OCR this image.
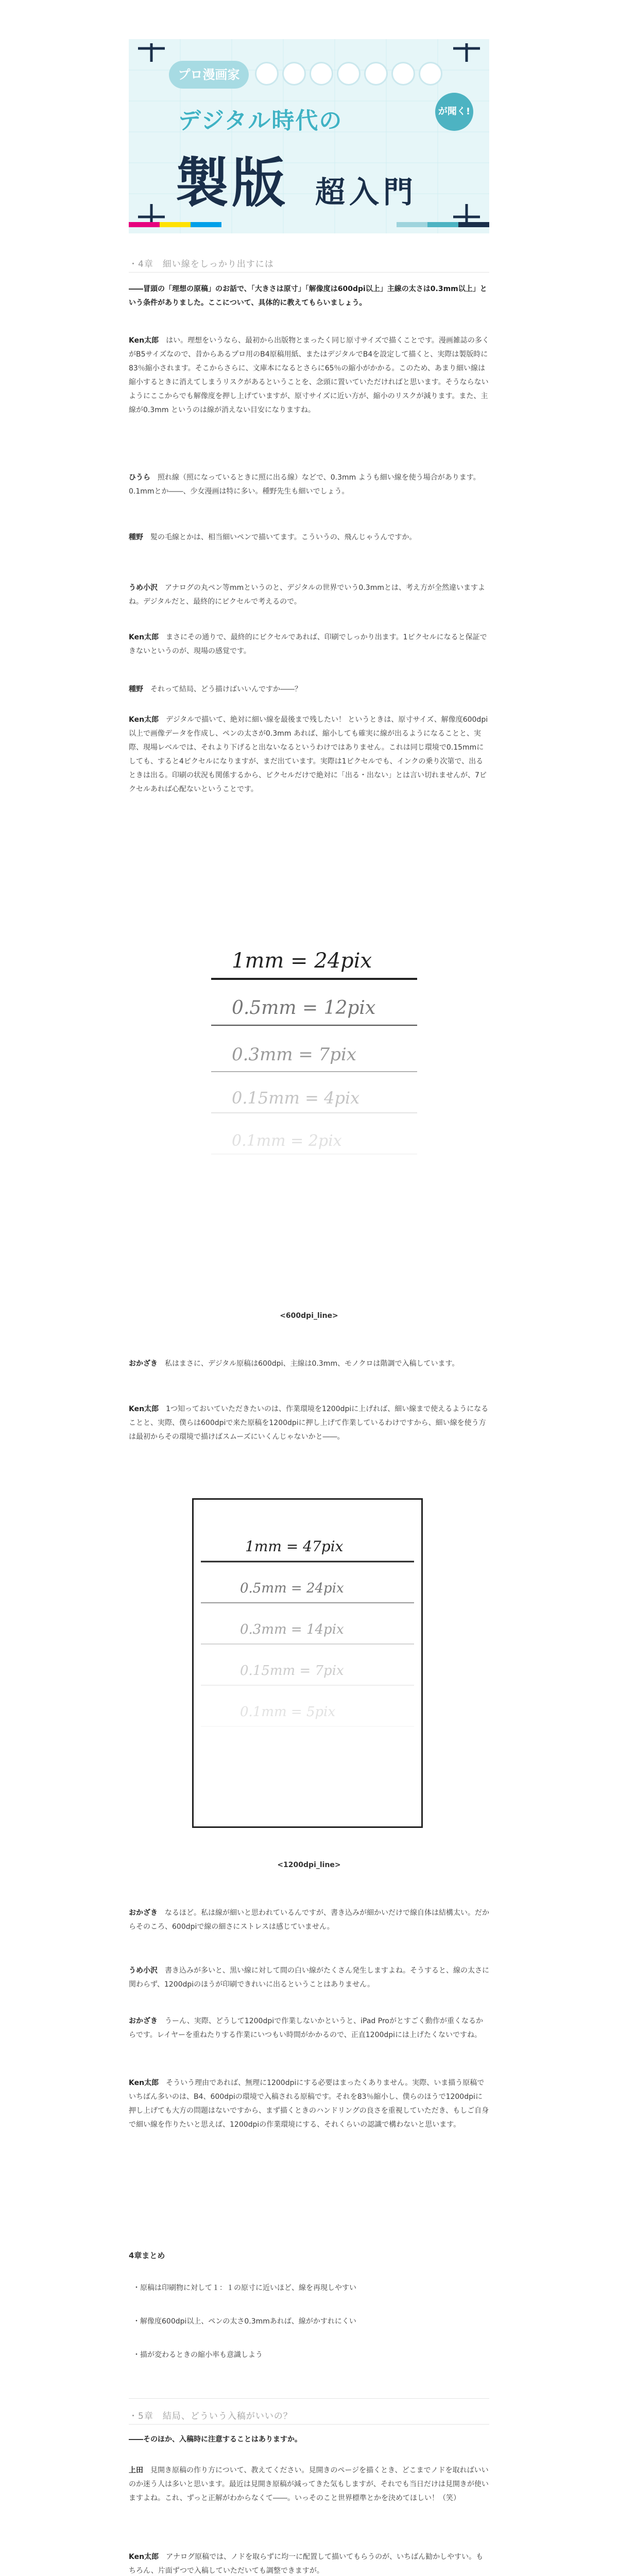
プロ漫画家
デジタル時代の	が聞く!
製版 超入門
・4章　細い線をしっかり出すには

――冒頭の「理想の原稿」のお話で、「大きさは原寸」「解像度は600dpi以上」主線の太さは0.3mm以上」という条件がありました。ここについて、具体的に教えてもらいましょう。

Ken太郎　 はい。理想をいうなら、最初から出版物とまったく同じ原寸サイズで描くことです。漫画雑誌の多くがB5サイズなので、昔からあるプロ用のB4原稿用紙、またはデジタルでB4を設定して描くと、実際は製版時に83％縮小されます。そこからさらに、文庫本になるとさらに65％の縮小がかかる。このため、あまり細い線は縮小するときに消えてしまうリスクがあるということを、念頭に置いていただければと思います。そうならないようにここからでも解像度を押し上げていますが、原寸サイズに近い方が、縮小のリスクが減ります。また、主線が0.3mm というのは線が消えない目安になりますね。

ひうら　 照れ線（照になっているときに照に出る線）などで、0.3mm ようも細い線を使う場合があります。0.1mmとか――、少女漫画は特に多い。種野先生も細いでしょう。

種野　 髪の毛線とかは、相当細いペンで描いてます。こういうの、飛んじゃうんですか。

うめ小沢　 アナログの丸ペン等mmというのと、デジタルの世界でいう0.3mmとは、考え方が全然違いますよね。デジタルだと、最終的にピクセルで考えるので。

Ken太郎　 まさにその通りで、最終的にピクセルであれば、印刷でしっかり出ます。1ピクセルになると保証できないというのが、現場の感覚です。

種野　 それって結局、どう描けばいいんですか――？

Ken太郎　 デジタルで描いて、絶対に細い線を最後まで残したい！ というときは、原寸サイズ、解像度600dpi以上で画像データを作成し、ペンの太さが0.3mm あれば、縮小しても確実に線が出るようになることと、実際、現場レベルでは、それより下げると出ないなるというわけではありません。これは同じ環境で0.15mmにしても、すると4ピクセルになりますが、まだ出ています。実際は1ピクセルでも、インクの乗り次第で、出るときは出る。印刷の状況も関係するから、ピクセルだけで絶対に「出る・出ない」とは言い切れませんが、7ピクセルあれば心配ないということです。

1mm = 24pix
0.5mm = 12pix
0.3mm = 7pix
0.15mm = 4pix
0.1mm = 2pix
<600dpi_line>

おかざき　 私はまさに、デジタル原稿は600dpi、主線は0.3mm、モノクロは階調で入稿しています。

Ken太郎　 1つ知っておいていただきたいのは、作業環境を1200dpiに上げれば、細い線まで使えるようになることと、実際、僕らは600dpiで来た原稿を1200dpiに押し上げて作業しているわけですから、細い線を使う方は最初からその環境で描けばスムーズにいくんじゃないかと――。

1mm = 47pix
0.5mm = 24pix
0.3mm = 14pix
0.15mm = 7pix
0.1mm = 5pix
<1200dpi_line>

おかざき　 なるほど。私は線が細いと思われているんですが、書き込みが細かいだけで線自体は結構太い。だからそのころ、600dpiで線の細さにストレスは感じていません。

うめ小沢　 書き込みが多いと、黒い線に対して間の白い線がたくさん発生しますよね。そうすると、線の太さに関わらず、1200dpiのほうが印刷できれいに出るということはありません。

おかざき　 うーん、実際、どうして1200dpiで作業しないかというと、iPad Proがとすごく動作が重くなるからです。レイヤーを重ねたりする作業にいつもい時間がかかるので、正直1200dpiには上げたくないですね。

Ken太郎　 そういう理由であれば、無理に1200dpiにする必要はまったくありません。実際、いま描う原稿でいちばん多いのは、B4、600dpiの環境で入稿される原稿です。それを83％縮小し、僕らのほうで1200dpiに押し上げても大方の問題はないですから、まず描くときのハンドリングの良さを重視していただき、もしご自身で細い線を作りたいと思えば、1200dpiの作業環境にする、それくらいの認識で構わないと思います。

4章まとめ
・原稿は印刷物に対して１：１の原寸に近いほど、線を再現しやすい
・解像度600dpi以上、ペンの太さ0.3mmあれば、線がかすれにくい
・描が変わるときの縮小率も意識しよう
・5章　結局、どういう入稿がいいの？

――そのほか、入稿時に注意することはありますか。

上田　 見開き原稿の作り方について、教えてください。見開きのページを描くとき、どこまでノドを取ればいいのか迷う人は多いと思います。最近は見開き原稿が減ってきた気もしますが、それでも当日だけは見開きが使いますよね。これ、ずっと正解がわからなくて――。いっそのこと世界標準とかを決めてほしい！（笑）

Ken太郎　 アナログ原稿では、ノドを取らずに均一に配置して描いてもらうのが、いちばん勧かしやすい。もちろん、片面ずつで入稿していただいても調整できますが。
